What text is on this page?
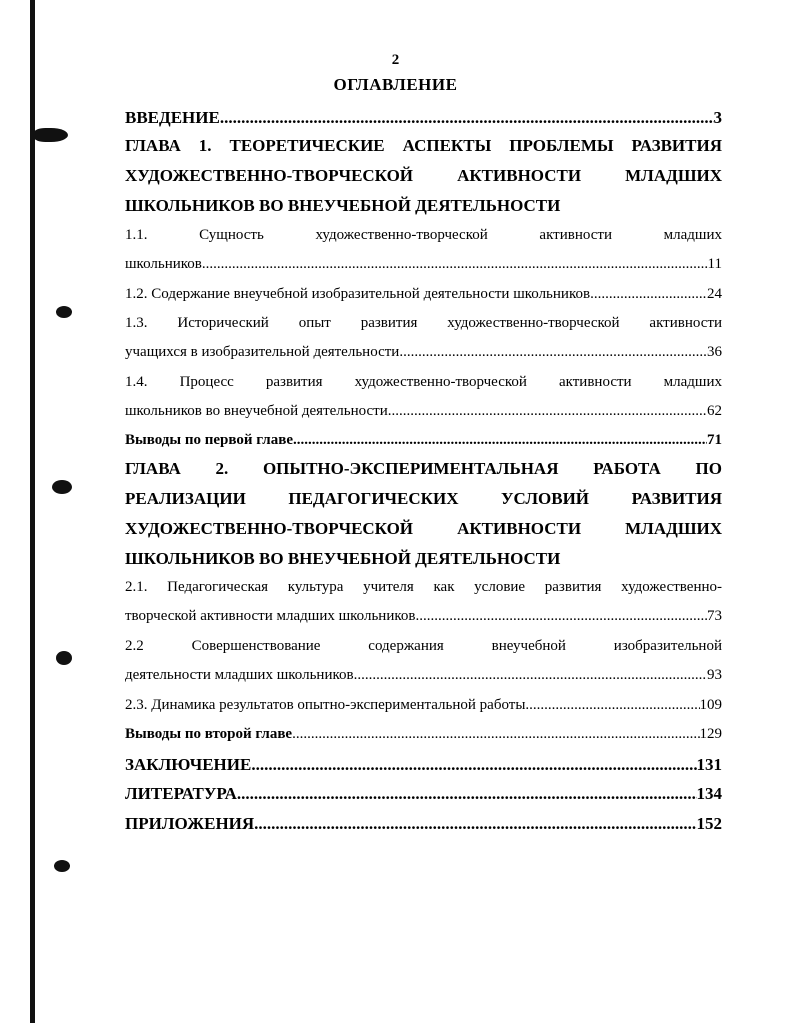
2
ОГЛАВЛЕНИЕ
ВВЕДЕНИЕ .....	3
ГЛАВА 1. ТЕОРЕТИЧЕСКИЕ АСПЕКТЫ ПРОБЛЕМЫ РАЗВИТИЯ
ХУДОЖЕСТВЕННО-ТВОРЧЕСКОЙ АКТИВНОСТИ МЛАДШИХ
ШКОЛЬНИКОВ ВО ВНЕУЧЕБНОЙ ДЕЯТЕЛЬНОСТИ
1.1. Сущность художественно-творческой активности младших
школьников .....	11
1.2. Содержание внеучебной изобразительной деятельности школьников .....	24
1.3. Исторический опыт развития художественно-творческой активности
учащихся в изобразительной деятельности .....	36
1.4. Процесс развития художественно-творческой активности младших
школьников во внеучебной деятельности .....	62
Выводы по первой главе .....	71
ГЛАВА 2. ОПЫТНО-ЭКСПЕРИМЕНТАЛЬНАЯ РАБОТА ПО
РЕАЛИЗАЦИИ ПЕДАГОГИЧЕСКИХ УСЛОВИЙ РАЗВИТИЯ
ХУДОЖЕСТВЕННО-ТВОРЧЕСКОЙ АКТИВНОСТИ МЛАДШИХ
ШКОЛЬНИКОВ ВО ВНЕУЧЕБНОЙ ДЕЯТЕЛЬНОСТИ
2.1. Педагогическая культура учителя как условие развития художественно-
творческой активности младших школьников .....	73
2.2 Совершенствование содержания внеучебной изобразительной
деятельности младших школьников .....	93
2.3. Динамика результатов опытно-экспериментальной работы .....	109
Выводы по второй главе .....	129
ЗАКЛЮЧЕНИЕ .....	131
ЛИТЕРАТУРА .....	134
ПРИЛОЖЕНИЯ .....	152
